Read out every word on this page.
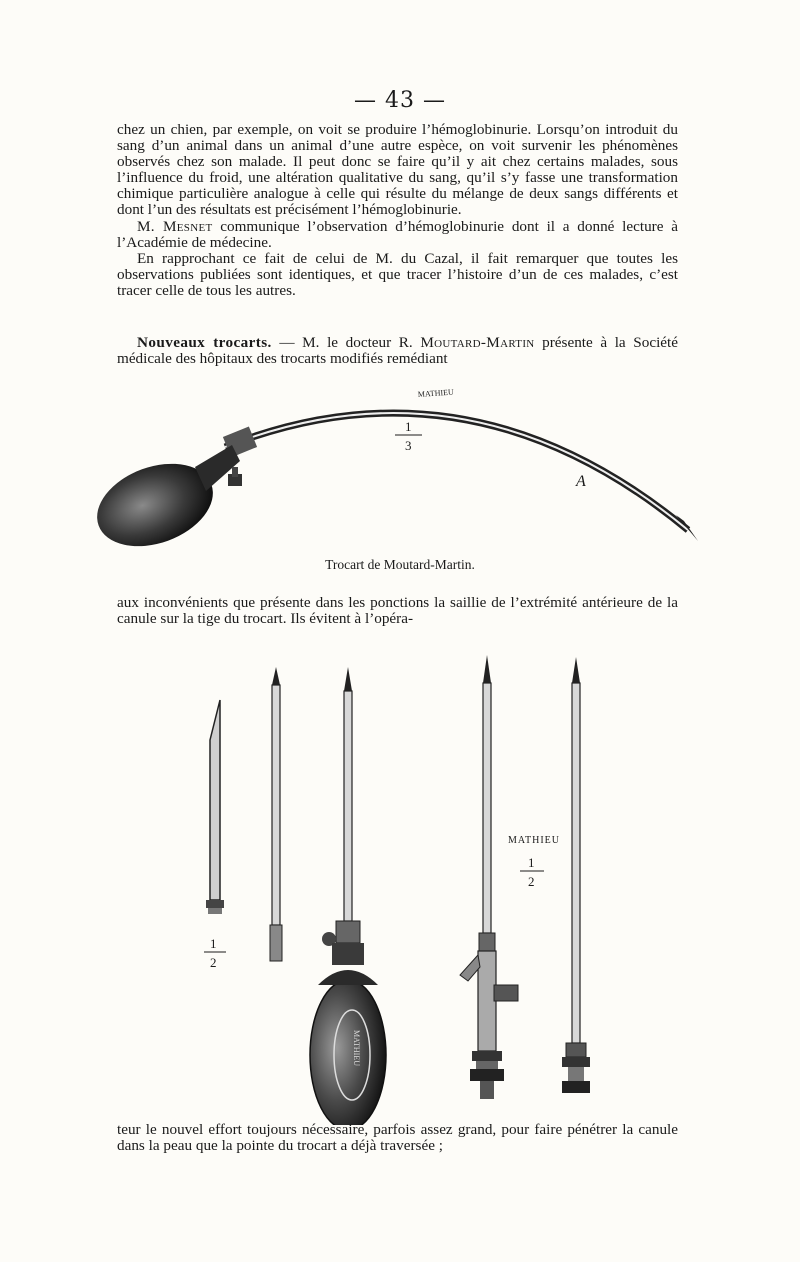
— 43 —

chez un chien, par exemple, on voit se produire l’hémoglobinurie. Lorsqu’on introduit du sang d’un animal dans un animal d’une autre espèce, on voit survenir les phénomènes observés chez son malade. Il peut donc se faire qu’il y ait chez certains malades, sous l’influence du froid, une altération qualitative du sang, qu’il s’y fasse une transformation chimique particulière analogue à celle qui résulte du mélange de deux sangs différents et dont l’un des résultats est précisément l’hémoglobinurie.

M. Mesnet communique l’observation d’hémoglobinurie dont il a donné lecture à l’Académie de médecine.

En rapprochant ce fait de celui de M. du Cazal, il fait remarquer que toutes les observations publiées sont identiques, et que tracer l’histoire d’un de ces malades, c’est tracer celle de tous les autres.

Nouveaux trocarts. — M. le docteur R. Moutard-Martin présente à la Société médicale des hôpitaux des trocarts modifiés remédiant

MATHIEU
1
3
A
Trocart de Moutard-Martin.

aux inconvénients que présente dans les ponctions la saillie de l’extrémité antérieure de la canule sur la tige du trocart. Ils évitent à l’opéra-

1
2
MATHIEU
MATHIEU
1
2

teur le nouvel effort toujours nécessaire, parfois assez grand, pour faire pénétrer la canule dans la peau que la pointe du trocart a déjà traversée ;
